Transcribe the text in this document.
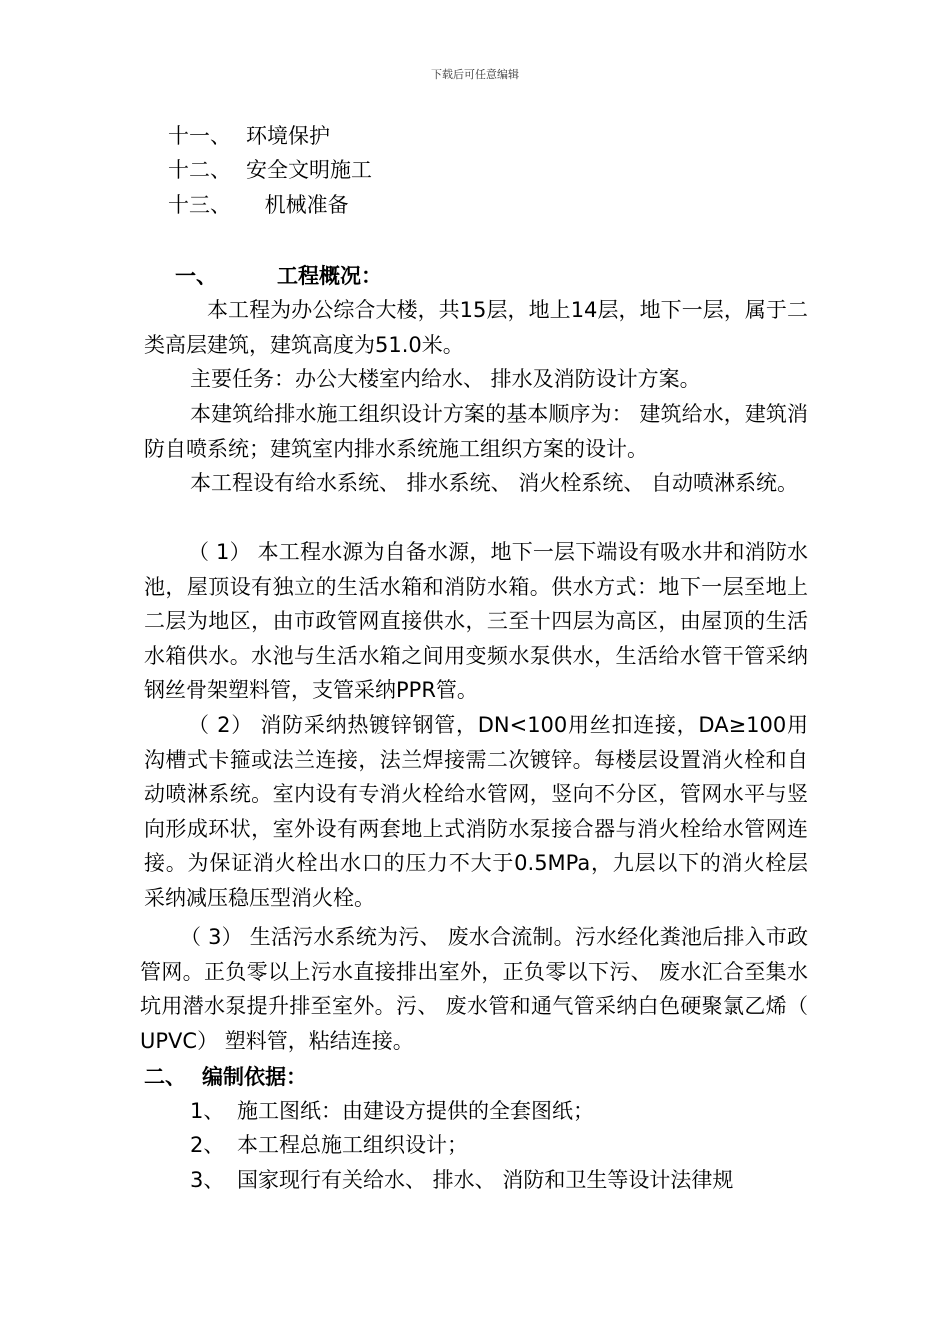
下载后可任意编辑
十一、 环境保护
十二、 安全文明施工
十三、 机械准备
一、	工程概况：

本工程为办公综合大楼，共15层，地上14层，地下一层，属于二类高层建筑，建筑高度为51.0米。

主要任务：办公大楼室内给水、 排水及消防设计方案。

本建筑给排水施工组织设计方案的基本顺序为： 建筑给水，建筑消防自喷系统；建筑室内排水系统施工组织方案的设计。

本工程设有给水系统、 排水系统、 消火栓系统、 自动喷淋系统。

（ 1） 本工程水源为自备水源，地下一层下端设有吸水井和消防水池，屋顶设有独立的生活水箱和消防水箱。供水方式：地下一层至地上二层为地区，由市政管网直接供水，三至十四层为高区，由屋顶的生活水箱供水。水池与生活水箱之间用变频水泵供水，生活给水管干管采纳钢丝骨架塑料管，支管采纳PPR管。

（ 2） 消防采纳热镀锌钢管，DN<100用丝扣连接，DA≥100用沟槽式卡箍或法兰连接，法兰焊接需二次镀锌。每楼层设置消火栓和自动喷淋系统。室内设有专消火栓给水管网，竖向不分区，管网水平与竖向形成环状，室外设有两套地上式消防水泵接合器与消火栓给水管网连接。为保证消火栓出水口的压力不大于0.5MPa，九层以下的消火栓层采纳减压稳压型消火栓。

（ 3） 生活污水系统为污、 废水合流制。污水经化粪池后排入市政管网。正负零以上污水直接排出室外，正负零以下污、 废水汇合至集水坑用潜水泵提升排至室外。污、 废水管和通气管采纳白色硬聚氯乙烯（ UPVC） 塑料管，粘结连接。

二、 编制依据：
1、 施工图纸：由建设方提供的全套图纸；
2、 本工程总施工组织设计；
3、 国家现行有关给水、 排水、 消防和卫生等设计法律规
